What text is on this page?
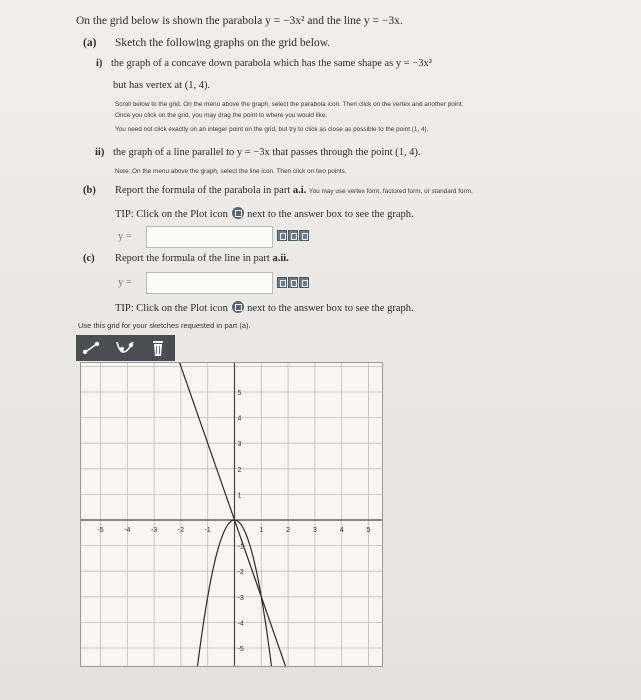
On the grid below is shown the parabola y = −3x² and the line y = −3x.
(a) Sketch the following graphs on the grid below.
i) the graph of a concave down parabola which has the same shape as y = −3x²
but has vertex at (1, 4).
Scroll below to the grid. On the menu above the graph, select the parabola icon. Then click on the vertex and another point.
Once you click on the grid, you may drag the point to where you would like.
You need not click exactly on an integer point on the grid, but try to click as close as possible to the point (1, 4).
ii) the graph of a line parallel to y = −3x that passes through the point (1, 4).
Note: On the menu above the graph, select the line icon. Then click on two points.
(b) Report the formula of the parabola in part a.i. You may use vertex form, factored form, or standard form.
TIP: Click on the Plot icon next to the answer box to see the graph.
y =
(c) Report the formula of the line in part a.ii.
y =
TIP: Click on the Plot icon next to the answer box to see the graph.
Use this grid for your sketches requested in part (a).
-5	-4	-3	-2	-1	1	2	3	4	5
5
4
3
2
1
-1
-2
-3
-4
-5
